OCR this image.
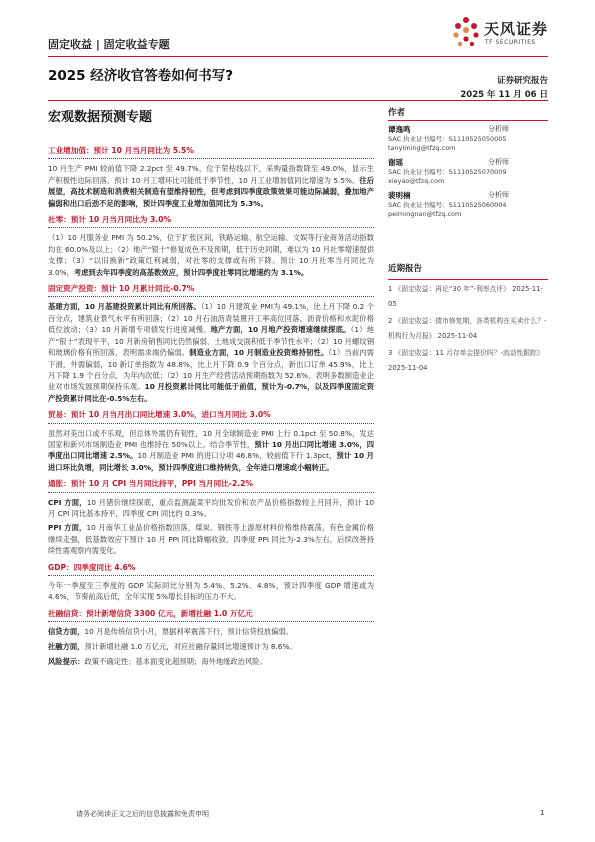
固定收益 | 固定收益专题
天风证券
TF SECURITIES
2025 经济收官答卷如何书写?	证券研究报告
2025 年 11 月 06 日
宏观数据预测专题	作者
谭逸鸣	分析师
SAC 执业证书编号：S1110525050005
tanyiming@tfzq.com
谢瑶	分析师
SAC 执业证书编号：S1110525070009
xieyao@tfzq.com
裴明楠	分析师
SAC 执业证书编号：S1110525060004
peimingnan@tfzq.com
近期报告
1 《固定收益：再论“30 年”-利率点评》 2025-11-05
2 《固定收益：债市修复期，各类机构在买卖什么？-机构行为月报》 2025-11-04
3 《固定收益：11 月存单会提价吗？-流动性跟踪》 2025-11-04
工业增加值：预计 10 月当月同比为 5.5%
10 月生产 PMI 较前值下降 2.2pct 至 49.7%，位于荣枯线以下，采购量指数降至 49.0%，显示生产积极性边际回落，预计 10 月工增环比可能低于季节性，10 月工业增加值同比增速为 5.5%。往后展望，高技术制造和消费相关制造有望维持韧性，但考虑到四季度政策效果可能边际减弱，叠加地产偏弱和出口后劲不足的影响，预计四季度工业增加值同比为 5.3%。
社零：预计 10 月当月同比为 3.0%
（1）10 月服务业 PMI 为 50.2%，位于扩张区间，铁路运输、航空运输、文娱等行业商务活动指数均在 60.0%及以上；（2）地产“银十”修复成色不及预期，低于历史同期，难以为 10 月社零增速提供支撑；（3）“以旧换新”政策红利减弱，对社零的支撑或有所下降。预计 10 月社零当月同比为 3.0%，考虑到去年四季度的高基数效应，预计四季度社零同比增速约为 3.1%。
固定资产投资：预计 10 月累计同比-0.7%
基建方面，10 月基建投资累计同比有所回落。（1）10 月建筑业 PMI为 49.1%，比上月下降 0.2 个百分点，建筑业景气水平有所回落；（2）10 月石油沥青装置开工率高位回落，沥青价格和水泥价格低位波动；（3）10 月新增专项债发行进度减慢。地产方面，10 月地产投资增速继续探底。（1）地产“银十”表现平平，10 月新房销售同比仍然偏弱，土地成交面积低于季节性水平；（2）10 月螺纹钢和玻璃价格有所回落，表明需求端仍偏弱。制造业方面，10 月制造业投资维持韧性。（1）当前内需下滑，外需偏弱，10 新订单指数为 48.8%，比上月下降 0.9 个百分点，新出口订单 45.9%，比上月下降 1.9 个百分点，为年内次低；（2）10 月生产经营活动预期指数为 52.6%，表明多数制造业企业对市场发展预期保持乐观。10 月投资累计同比可能低于前值，预计为-0.7%，以及四季度固定资产投资累计同比在-0.5%左右。
贸易：预计 10 月当月出口同比增速 3.0%，进口当月同比 3.0%
虽然对美出口或不乐观，但总体外需仍有韧性，10 月全球制造业 PMI 上行 0.1pct 至 50.8%，发达国家和新兴市场制造业 PMI 也维持在 50%以上。结合季节性，预计 10 月出口同比增速 3.0%，四季度出口同比增速 2.5%。10 月制造业 PMI 的进口分项 46.8%，较前值下行 1.3pct，预计 10 月进口环比负增，同比增长 3.0%，预计四季度进口维持转负，全年进口增速或小幅转正。
通胀：预计 10 月 CPI 当月同比持平，PPI 当月同比-2.2%
CPI 方面，10 月猪价继续探底，重点监测蔬菜平均批发价和农产品价格指数较上月回升，预计 10 月 CPI 同比基本持平，四季度 CPI 同比约 0.3%。
PPI 方面，10 月南华工业品价格指数回落，煤炭、钢铁等上游原材料价格维持震荡，有色金属价格继续走强，低基数效应下预计 10 月 PPI 同比降幅收敛，四季度 PPI 同比为-2.3%左右，后续改善持续性需观察内需变化。
GDP：四季度同比 4.6%
今年一季度至三季度的 GDP 实际同比分别为 5.4%、5.2%、4.8%，预计四季度 GDP 增速或为 4.6%，节奏前高后低，全年实现 5%增长目标的压力不大。
社融信贷：预计新增信贷 3300 亿元，新增社融 1.0 万亿元
信贷方面，10 月是传统信贷小月，票据利率震荡下行，预计信贷投放偏弱。
社融方面，预计新增社融 1.0 万亿元，对应社融存量同比增速预计为 8.6%。
风险提示：政策不确定性；基本面变化超预期；海外地缘政治风险。
请务必阅读正文之后的信息披露和免责申明	1
